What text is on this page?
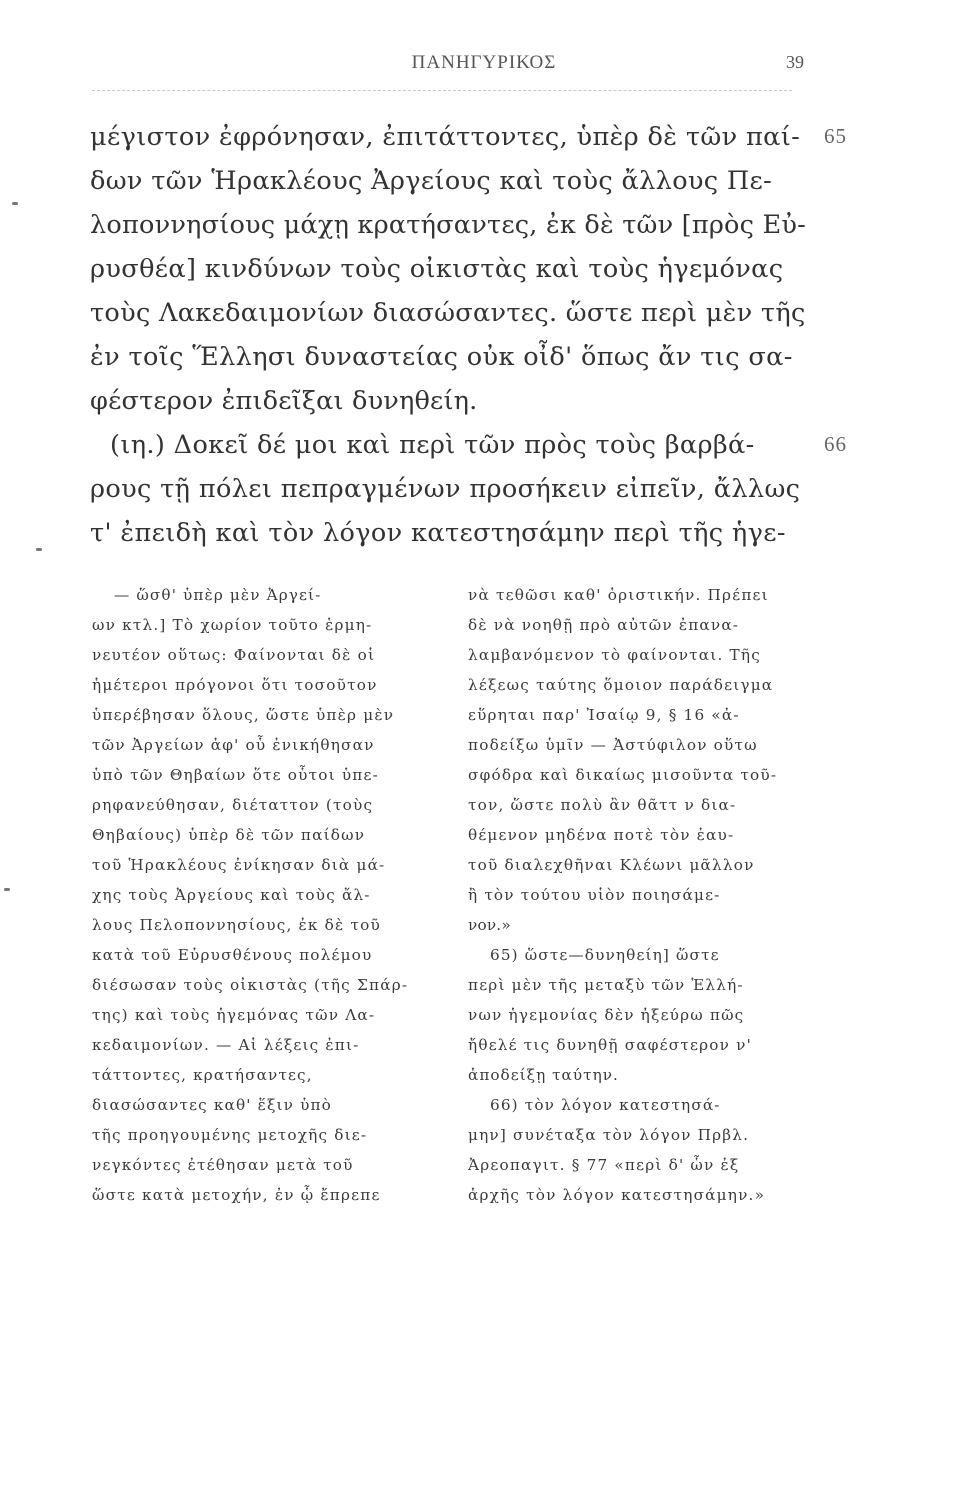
ΠΑΝΗΓΥΡΙΚΟΣ	39
μέγιστον ἐφρόνησαν, ἐπιτάττοντες, ὑπὲρ δὲ τῶν παί-
δων τῶν Ἡρακλέους Ἀργείους καὶ τοὺς ἄλλους Πε-
λοποννησίους μάχῃ κρατήσαντες, ἐκ δὲ τῶν [πρὸς Εὐ-
ρυσθέα] κινδύνων τοὺς οἰκιστὰς καὶ τοὺς ἡγεμόνας
τοὺς Λακεδαιμονίων διασώσαντες. ὥστε περὶ μὲν τῆς
ἐν τοῖς Ἕλλησι δυναστείας οὐκ οἶδ' ὅπως ἄν τις σα-
φέστερον ἐπιδεῖξαι δυνηθείη.
(ιη.) Δοκεῖ δέ μοι καὶ περὶ τῶν πρὸς τοὺς βαρβά-
ρους τῇ πόλει πεπραγμένων προσήκειν εἰπεῖν, ἄλλως
τ' ἐπειδὴ καὶ τὸν λόγον κατεστησάμην περὶ τῆς ἡγε-
65
66
— ὥσθ' ὑπὲρ μὲν Ἀργεί-
ων κτλ.] Τὸ χωρίον τοῦτο ἑρμη-
νευτέον οὕτως: Φαίνονται δὲ οἱ
ἡμέτεροι πρόγονοι ὅτι τοσοῦτον
ὑπερέβησαν ὅλους, ὥστε ὑπὲρ μὲν
τῶν Ἀργείων ἀφ' οὗ ἐνικήθησαν
ὑπὸ τῶν Θηβαίων ὅτε οὗτοι ὑπε-
ρηφανεύθησαν, διέταττον (τοὺς
Θηβαίους) ὑπὲρ δὲ τῶν παίδων
τοῦ Ἡρακλέους ἐνίκησαν διὰ μά-
χης τοὺς Ἀργείους καὶ τοὺς ἄλ-
λους Πελοποννησίους, ἐκ δὲ τοῦ
κατὰ τοῦ Εὐρυσθένους πολέμου
διέσωσαν τοὺς οἰκιστὰς (τῆς Σπάρ-
της) καὶ τοὺς ἡγεμόνας τῶν Λα-
κεδαιμονίων. — Αἱ λέξεις ἐπι-
τάττοντες, κρατήσαντες,
διασώσαντες καθ' ἕξιν ὑπὸ
τῆς προηγουμένης μετοχῆς διε-
νεγκόντες ἐτέθησαν μετὰ τοῦ
ὥστε κατὰ μετοχήν, ἐν ᾧ ἔπρεπε
νὰ τεθῶσι καθ' ὁριστικήν. Πρέπει
δὲ νὰ νοηθῇ πρὸ αὐτῶν ἐπανα-
λαμβανόμενον τὸ φαίνονται. Τῆς
λέξεως ταύτης ὅμοιον παράδειγμα
εὕρηται παρ' Ἰσαίῳ 9, § 16 «ἀ-
ποδείξω ὑμῖν — Ἀστύφιλον οὕτω
σφόδρα καὶ δικαίως μισοῦντα τοῦ-
τον, ὥστε πολὺ ἂν θᾶττ ν δια-
θέμενον μηδένα ποτὲ τὸν ἑαυ-
τοῦ διαλεχθῆναι Κλέωνι μᾶλλον
ἢ τὸν τούτου υἱὸν ποιησάμε-
νον.»
65) ὥστε—δυνηθείη] ὥστε
περὶ μὲν τῆς μεταξὺ τῶν Ἑλλή-
νων ἡγεμονίας δὲν ἠξεύρω πῶς
ἤθελέ τις δυνηθῇ σαφέστερον ν'
ἀποδείξῃ ταύτην.
66) τὸν λόγον κατεστησά-
μην] συνέταξα τὸν λόγον Πρβλ.
Ἀρεοπαγιτ. § 77 «περὶ δ' ὧν ἐξ
ἀρχῆς τὸν λόγον κατεστησάμην.»
